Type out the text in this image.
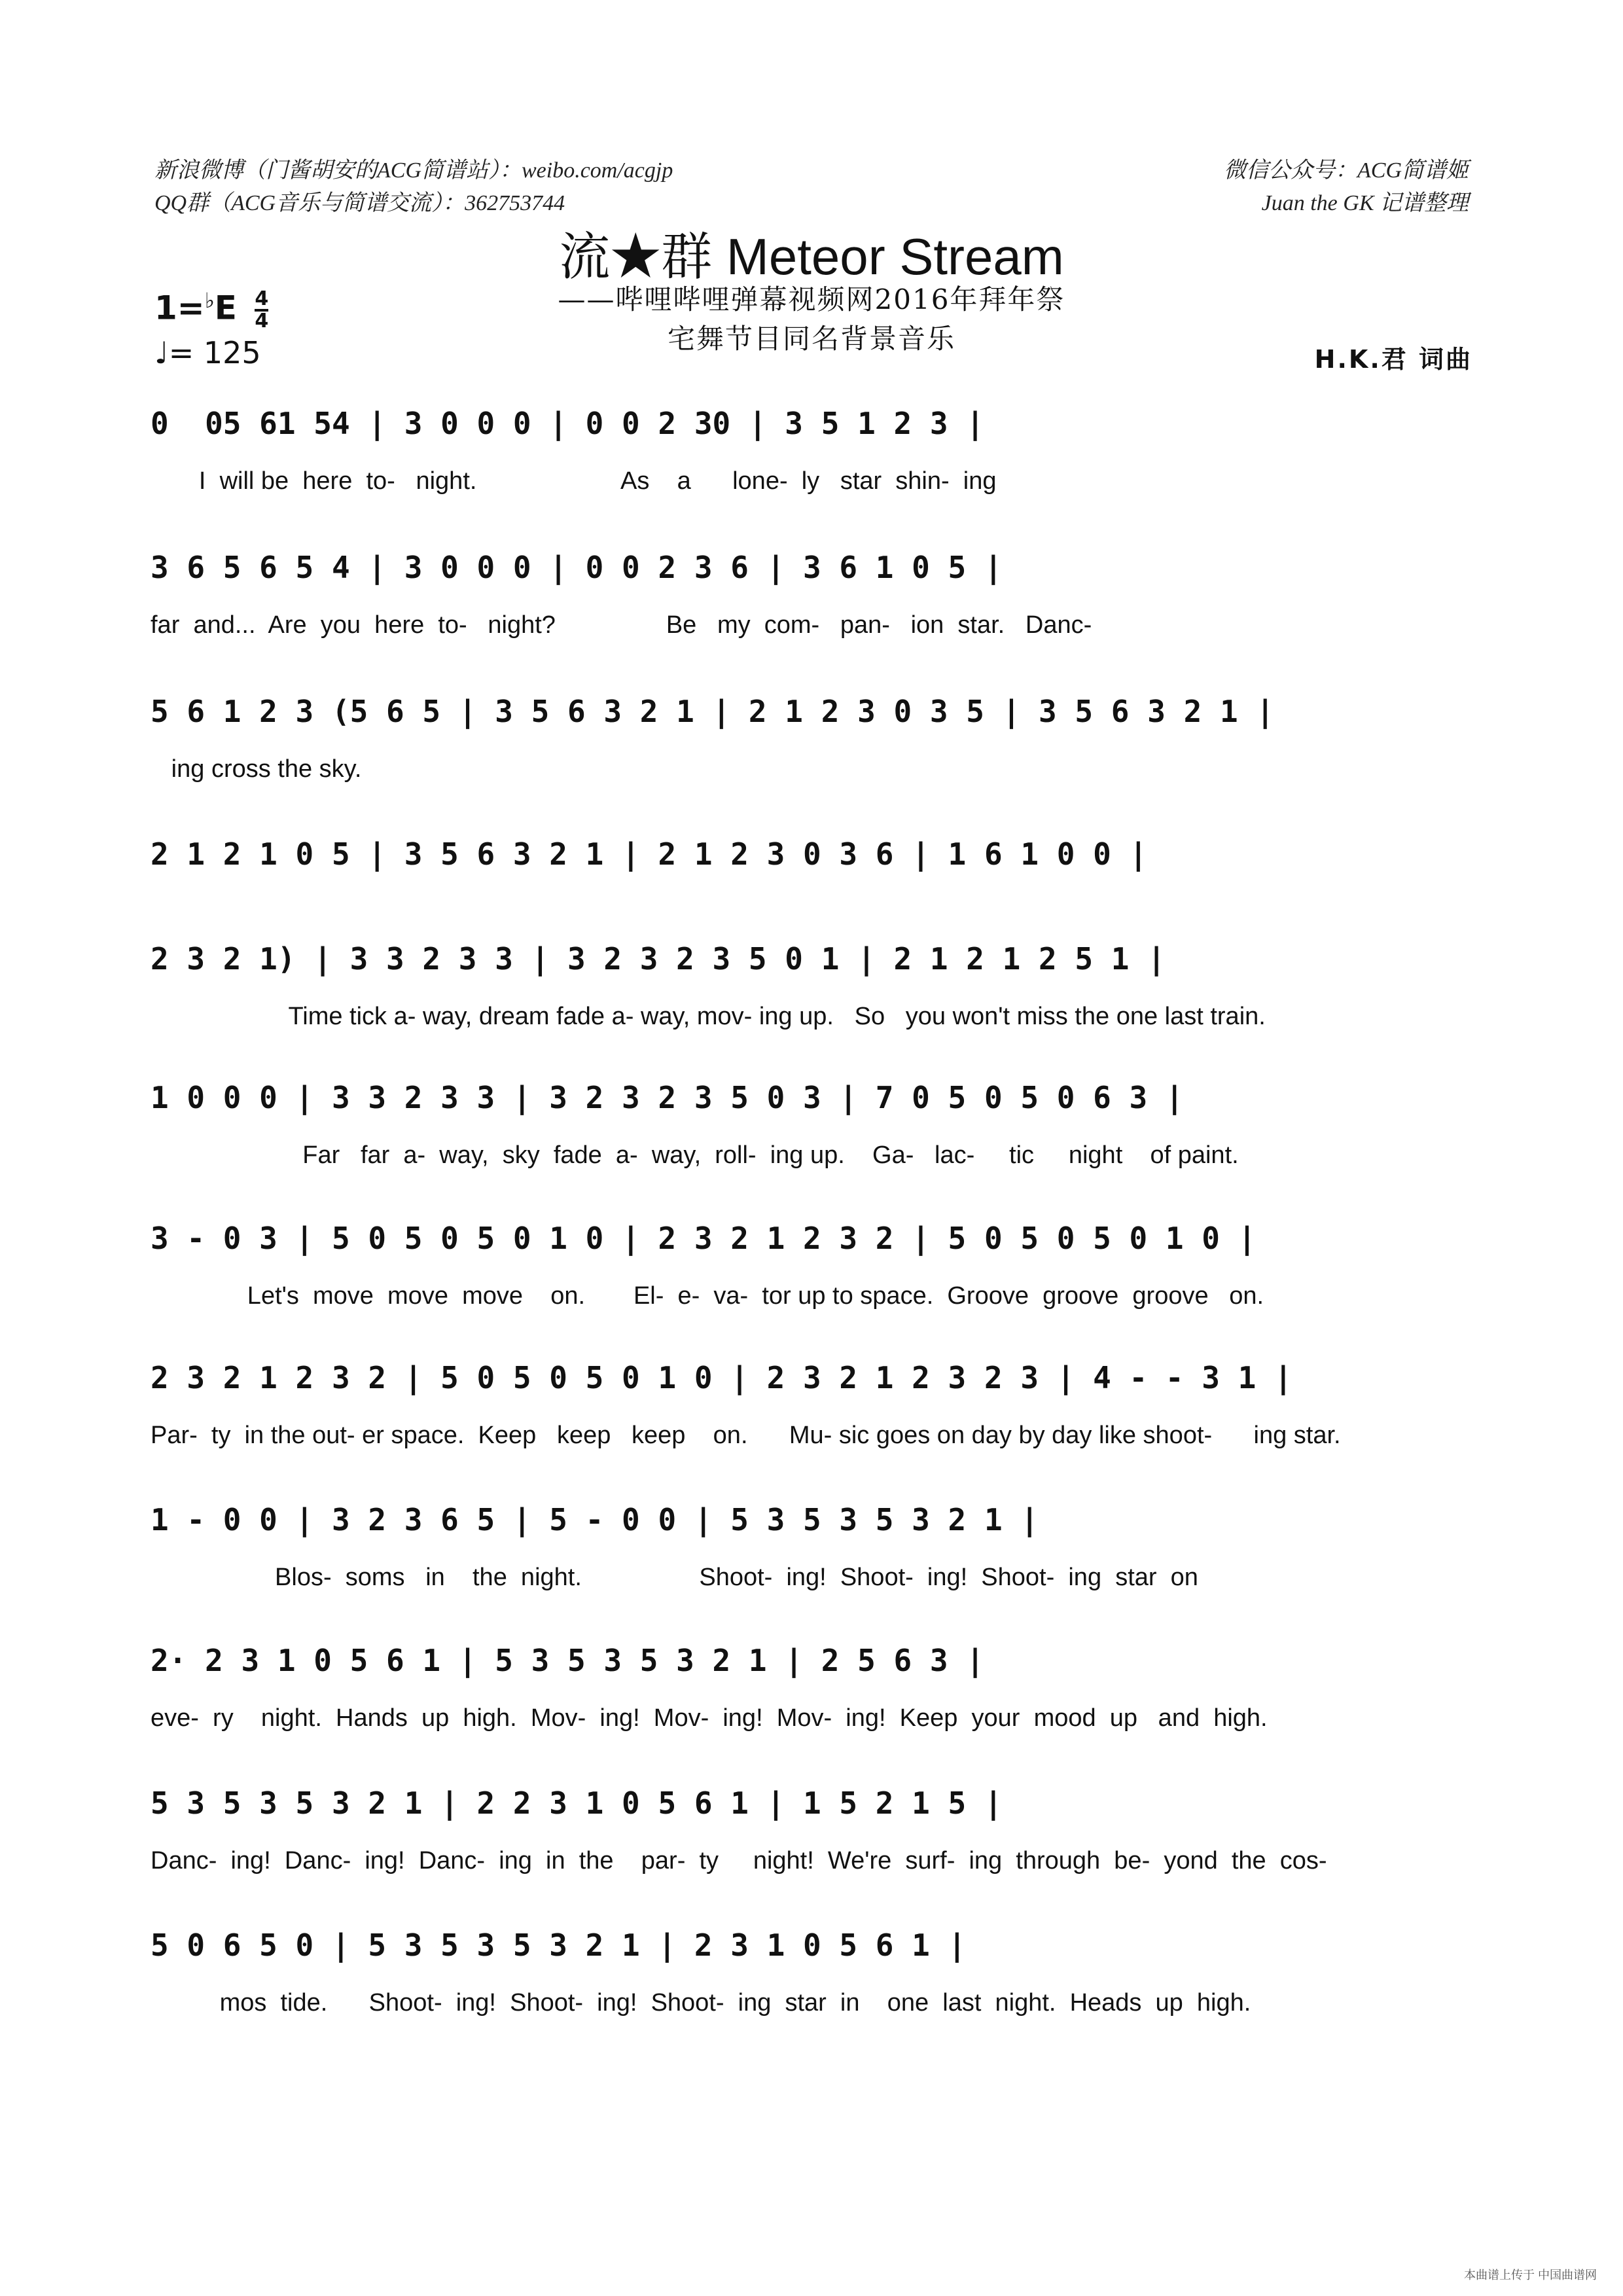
新浪微博（门酱胡安的ACG简谱站）：weibo.com/acgjp
QQ群（ACG音乐与简谱交流）：362753744
微信公众号：ACG简谱姬
Juan the GK 记谱整理
流★群 Meteor Stream
——哔哩哔哩弹幕视频网2016年拜年祭
宅舞节目同名背景音乐
$1=^♭E \frac{4}{4}$
♩= 125	H.K.君 词曲
0  05 61 54 | 3 0 0 0 | 0 0 2 30 | 3 5 1 2 3 |
I  will be  here  to-   night.                     As    a      lone-  ly   star  shin-  ing
3 6 5 6 5 4 | 3 0 0 0 | 0 0 2 3 6 | 3 6 1 0 5 |
far  and...  Are  you  here  to-   night?                Be   my  com-   pan-   ion  star.   Danc-
5 6 1 2 3 (5 6 5 | 3 5 6 3 2 1 | 2 1 2 3 0 3 5 | 3 5 6 3 2 1 |
ing cross the sky.
2 1 2 1 0 5 | 3 5 6 3 2 1 | 2 1 2 3 0 3 6 | 1 6 1 0 0 |
2 3 2 1) | 3 3 2 3 3 | 3 2 3 2 3 5 0 1 | 2 1 2 1 2 5 1 |
Time tick a- way, dream fade a- way, mov- ing up.   So   you won't miss the one last train.
1 0 0 0 | 3 3 2 3 3 | 3 2 3 2 3 5 0 3 | 7 0 5 0 5 0 6 3 |
Far   far  a-  way,  sky  fade  a-  way,  roll-  ing up.    Ga-   lac-     tic     night    of paint.
3 - 0 3 | 5 0 5 0 5 0 1 0 | 2 3 2 1 2 3 2 | 5 0 5 0 5 0 1 0 |
Let's  move  move  move    on.       El-  e-  va-  tor up to space.  Groove  groove  groove   on.
2 3 2 1 2 3 2 | 5 0 5 0 5 0 1 0 | 2 3 2 1 2 3 2 3 | 4 - - 3 1 |
Par-  ty  in the out- er space.  Keep   keep   keep    on.      Mu- sic goes on day by day like shoot-      ing star.
1 - 0 0 | 3 2 3 6 5 | 5 - 0 0 | 5 3 5 3 5 3 2 1 |
Blos-  soms   in    the  night.                 Shoot-  ing!  Shoot-  ing!  Shoot-  ing  star  on
2· 2 3 1 0 5 6 1 | 5 3 5 3 5 3 2 1 | 2 5 6 3 |
eve-  ry    night.  Hands  up  high.  Mov-  ing!  Mov-  ing!  Mov-  ing!  Keep  your  mood  up   and  high.
5 3 5 3 5 3 2 1 | 2 2 3 1 0 5 6 1 | 1 5 2 1 5 |
Danc-  ing!  Danc-  ing!  Danc-  ing  in  the    par-  ty     night!  We're  surf-  ing  through  be-  yond  the  cos-
5 0 6 5 0 | 5 3 5 3 5 3 2 1 | 2 3 1 0 5 6 1 |
mos  tide.      Shoot-  ing!  Shoot-  ing!  Shoot-  ing  star  in    one  last  night.  Heads  up  high.
本曲谱上传于 中国曲谱网
